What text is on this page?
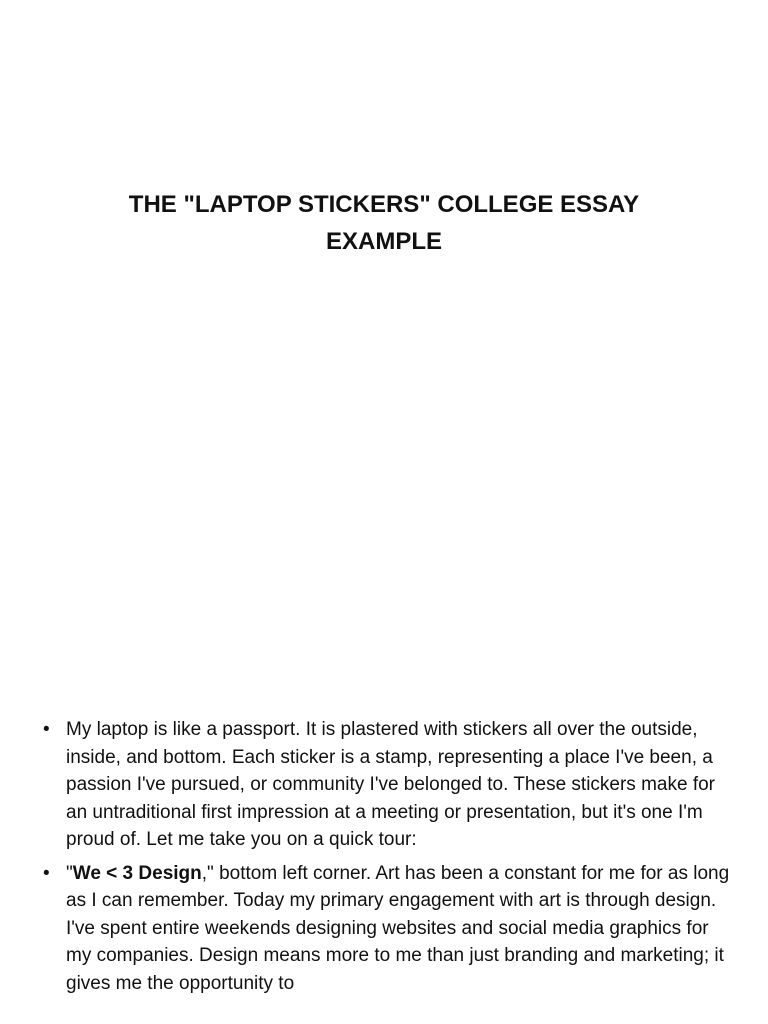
THE "LAPTOP STICKERS" COLLEGE ESSAY EXAMPLE
• My laptop is like a passport. It is plastered with stickers all over the outside, inside, and bottom. Each sticker is a stamp, representing a place I've been, a passion I've pursued, or community I've belonged to. These stickers make for an untraditional first impression at a meeting or presentation, but it's one I'm proud of. Let me take you on a quick tour:
• "We < 3 Design," bottom left corner. Art has been a constant for me for as long as I can remember. Today my primary engagement with art is through design. I've spent entire weekends designing websites and social media graphics for my companies. Design means more to me than just branding and marketing; it gives me the opportunity to
